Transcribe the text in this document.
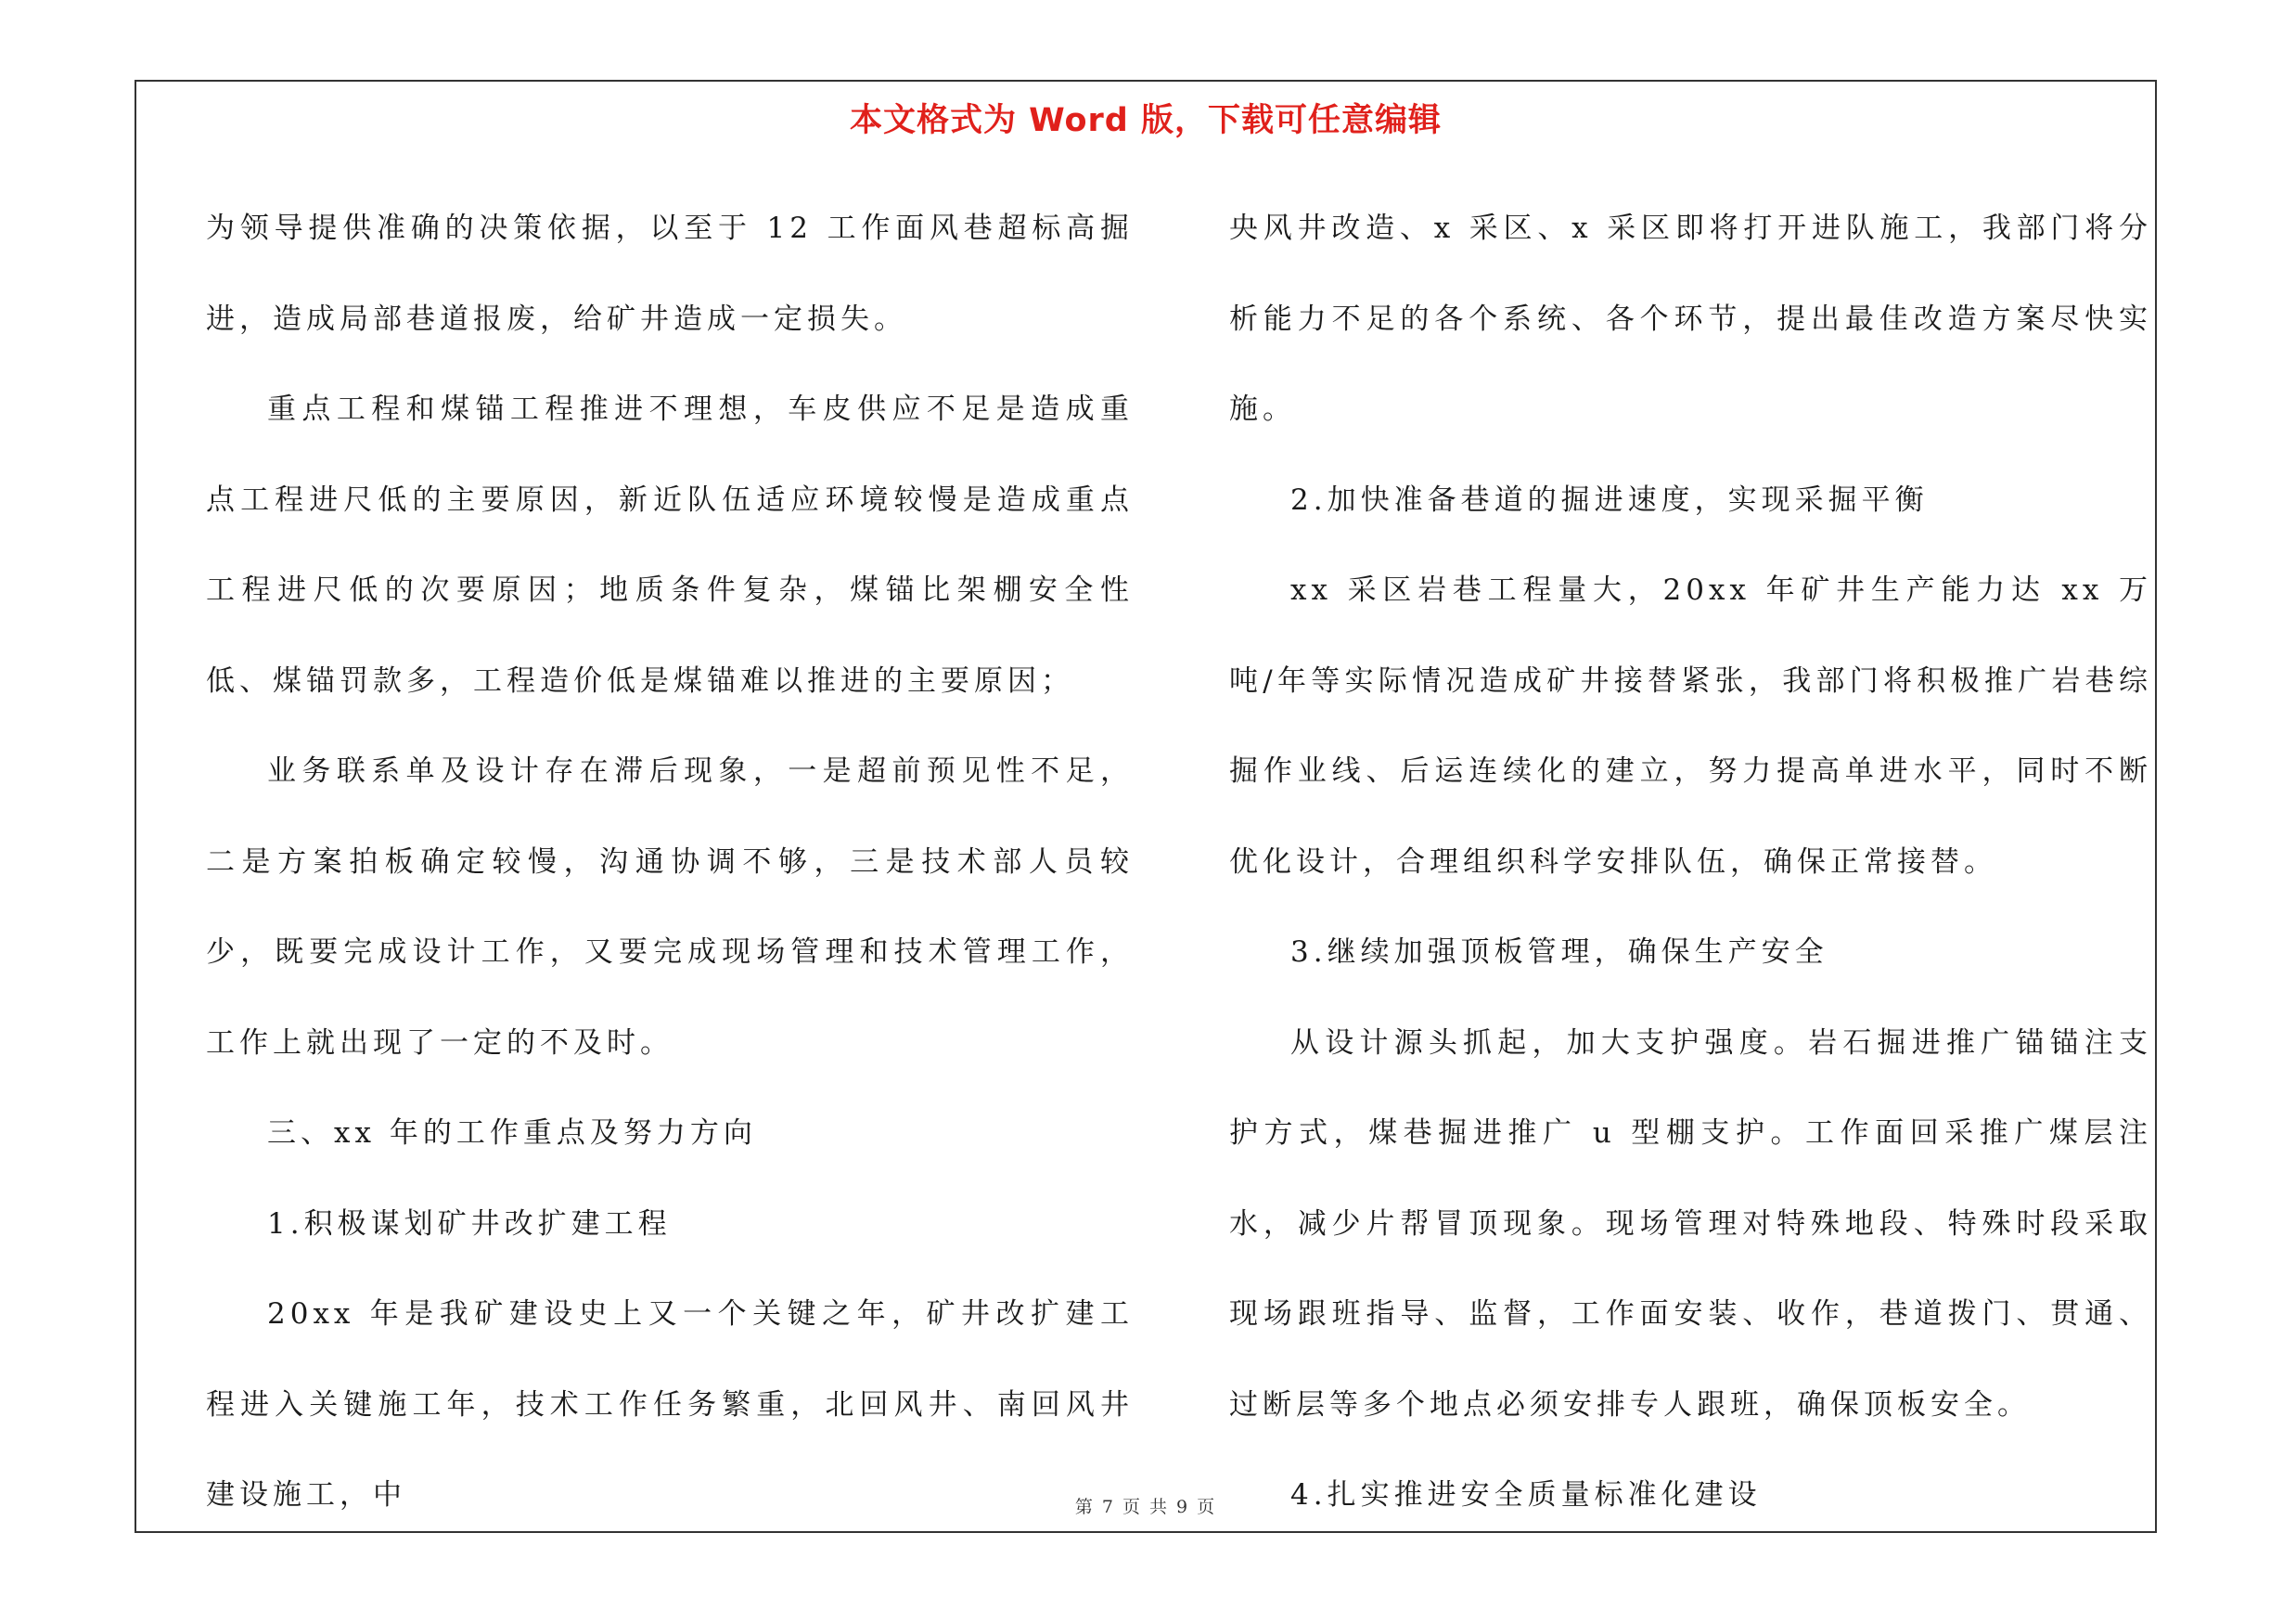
本文格式为 Word 版，下载可任意编辑

为领导提供准确的决策依据，以至于 12 工作面风巷超标高掘进，造成局部巷道报废，给矿井造成一定损失。

重点工程和煤锚工程推进不理想，车皮供应不足是造成重点工程进尺低的主要原因，新近队伍适应环境较慢是造成重点工程进尺低的次要原因；地质条件复杂，煤锚比架棚安全性低、煤锚罚款多，工程造价低是煤锚难以推进的主要原因；

业务联系单及设计存在滞后现象，一是超前预见性不足，二是方案拍板确定较慢，沟通协调不够，三是技术部人员较少，既要完成设计工作，又要完成现场管理和技术管理工作，工作上就出现了一定的不及时。

三、xx 年的工作重点及努力方向

1.积极谋划矿井改扩建工程

20xx 年是我矿建设史上又一个关键之年，矿井改扩建工程进入关键施工年，技术工作任务繁重，北回风井、南回风井建设施工，中

央风井改造、x 采区、x 采区即将打开进队施工，我部门将分析能力不足的各个系统、各个环节，提出最佳改造方案尽快实施。

2.加快准备巷道的掘进速度，实现采掘平衡

xx 采区岩巷工程量大，20xx 年矿井生产能力达 xx 万吨/年等实际情况造成矿井接替紧张，我部门将积极推广岩巷综掘作业线、后运连续化的建立，努力提高单进水平，同时不断优化设计，合理组织科学安排队伍，确保正常接替。

3.继续加强顶板管理，确保生产安全

从设计源头抓起，加大支护强度。岩石掘进推广锚锚注支护方式，煤巷掘进推广 u 型棚支护。工作面回采推广煤层注水，减少片帮冒顶现象。现场管理对特殊地段、特殊时段采取现场跟班指导、监督，工作面安装、收作，巷道拨门、贯通、过断层等多个地点必须安排专人跟班，确保顶板安全。

4.扎实推进安全质量标准化建设

第 7 页 共 9 页
